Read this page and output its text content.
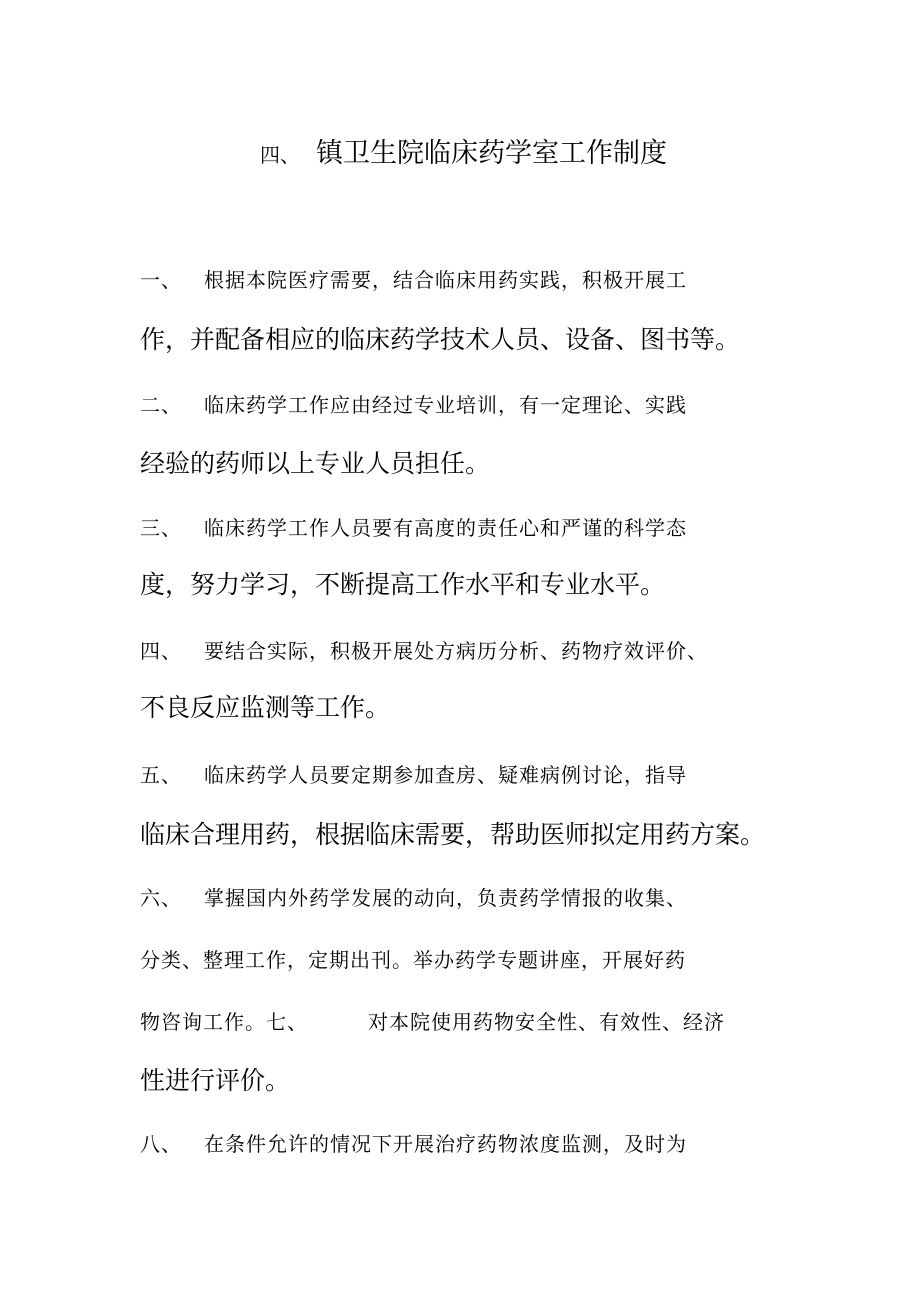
四、 镇卫生院临床药学室工作制度
一、 根据本院医疗需要，结合临床用药实践，积极开展工
作，并配备相应的临床药学技术人员、设备、图书等。
二、 临床药学工作应由经过专业培训，有一定理论、实践
经验的药师以上专业人员担任。
三、 临床药学工作人员要有高度的责任心和严谨的科学态
度，努力学习，不断提高工作水平和专业水平。
四、 要结合实际，积极开展处方病历分析、药物疗效评价、
不良反应监测等工作。
五、 临床药学人员要定期参加查房、疑难病例讨论，指导
临床合理用药，根据临床需要，帮助医师拟定用药方案。
六、 掌握国内外药学发展的动向，负责药学情报的收集、
分类、整理工作，定期出刊。举办药学专题讲座，开展好药
物咨询工作。七、	对本院使用药物安全性、有效性、经济
性进行评价。
八、 在条件允许的情况下开展治疗药物浓度监测，及时为
